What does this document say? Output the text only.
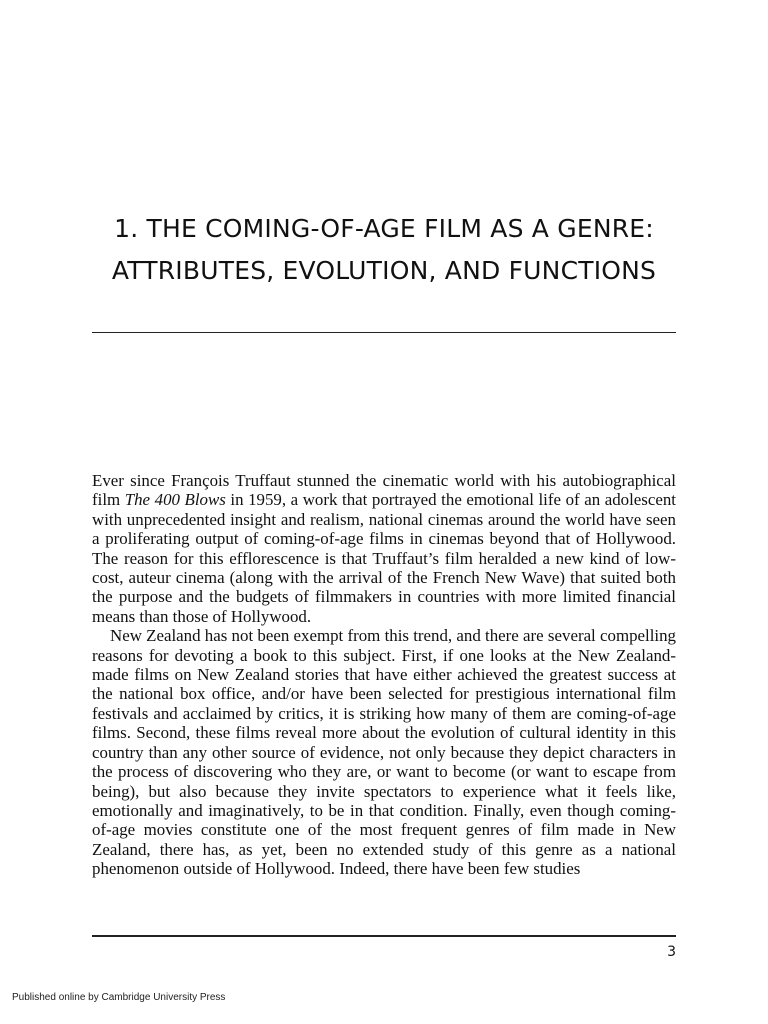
1. THE COMING-OF-AGE FILM AS A GENRE: ATTRIBUTES, EVOLUTION, AND FUNCTIONS

Ever since François Truffaut stunned the cinematic world with his autobiographical film The 400 Blows in 1959, a work that portrayed the emotional life of an adolescent with unprecedented insight and realism, national cinemas around the world have seen a proliferating output of coming-of-age films in cinemas beyond that of Hollywood. The reason for this efflorescence is that Truffaut’s film heralded a new kind of low-cost, auteur cinema (along with the arrival of the French New Wave) that suited both the purpose and the budgets of filmmakers in countries with more limited financial means than those of Hollywood.

New Zealand has not been exempt from this trend, and there are several compelling reasons for devoting a book to this subject. First, if one looks at the New Zealand-made films on New Zealand stories that have either achieved the greatest success at the national box office, and/or have been selected for prestigious international film festivals and acclaimed by critics, it is striking how many of them are coming-of-age films. Second, these films reveal more about the evolution of cultural identity in this country than any other source of evidence, not only because they depict characters in the process of discovering who they are, or want to become (or want to escape from being), but also because they invite spectators to experience what it feels like, emotionally and imaginatively, to be in that condition. Finally, even though coming-of-age movies constitute one of the most frequent genres of film made in New Zealand, there has, as yet, been no extended study of this genre as a national phenomenon outside of Hollywood. Indeed, there have been few studies

3
Published online by Cambridge University Press
